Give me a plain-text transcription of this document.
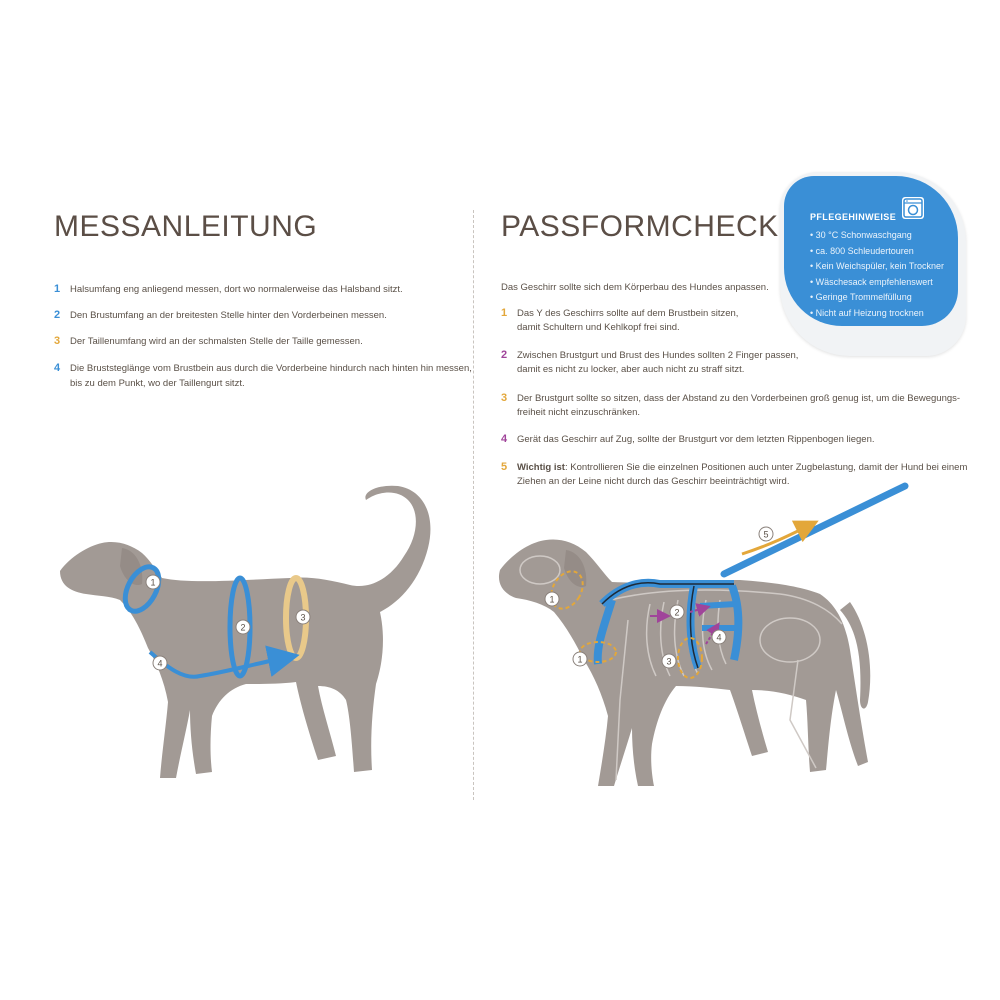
MESSANLEITUNG
1 Halsumfang eng anliegend messen, dort wo normalerweise das Halsband sitzt.
2 Den Brustumfang an der breitesten Stelle hinter den Vorderbeinen messen.
3 Der Taillenumfang wird an der schmalsten Stelle der Taille gemessen.
4 Die Bruststeglänge vom Brustbein aus durch die Vorderbeine hindurch nach hinten hin messen,
bis zu dem Punkt, wo der Taillengurt sitzt.
PASSFORMCHECK
Das Geschirr sollte sich dem Körperbau des Hundes anpassen.
1 Das Y des Geschirrs sollte auf dem Brustbein sitzen,
damit Schultern und Kehlkopf frei sind.
2 Zwischen Brustgurt und Brust des Hundes sollten 2 Finger passen,
damit es nicht zu locker, aber auch nicht zu straff sitzt.
3 Der Brustgurt sollte so sitzen, dass der Abstand zu den Vorderbeinen groß genug ist, um die Bewegungs-
freiheit nicht einzuschränken.
4 Gerät das Geschirr auf Zug, sollte der Brustgurt vor dem letzten Rippenbogen liegen.
5 Wichtig ist: Kontrollieren Sie die einzelnen Positionen auch unter Zugbelastung, damit der Hund bei einem
Ziehen an der Leine nicht durch das Geschirr beeinträchtigt wird.
• 30 °C Schonwaschgang
• ca. 800 Schleudertouren
• Kein Weichspüler, kein Trockner
• Wäschesack empfehlenswert
• Geringe Trommelfüllung
• Nicht auf Heizung trocknen
PFLEGEHINWEISE
1
2
3
4
1
1
2
3
4
5
